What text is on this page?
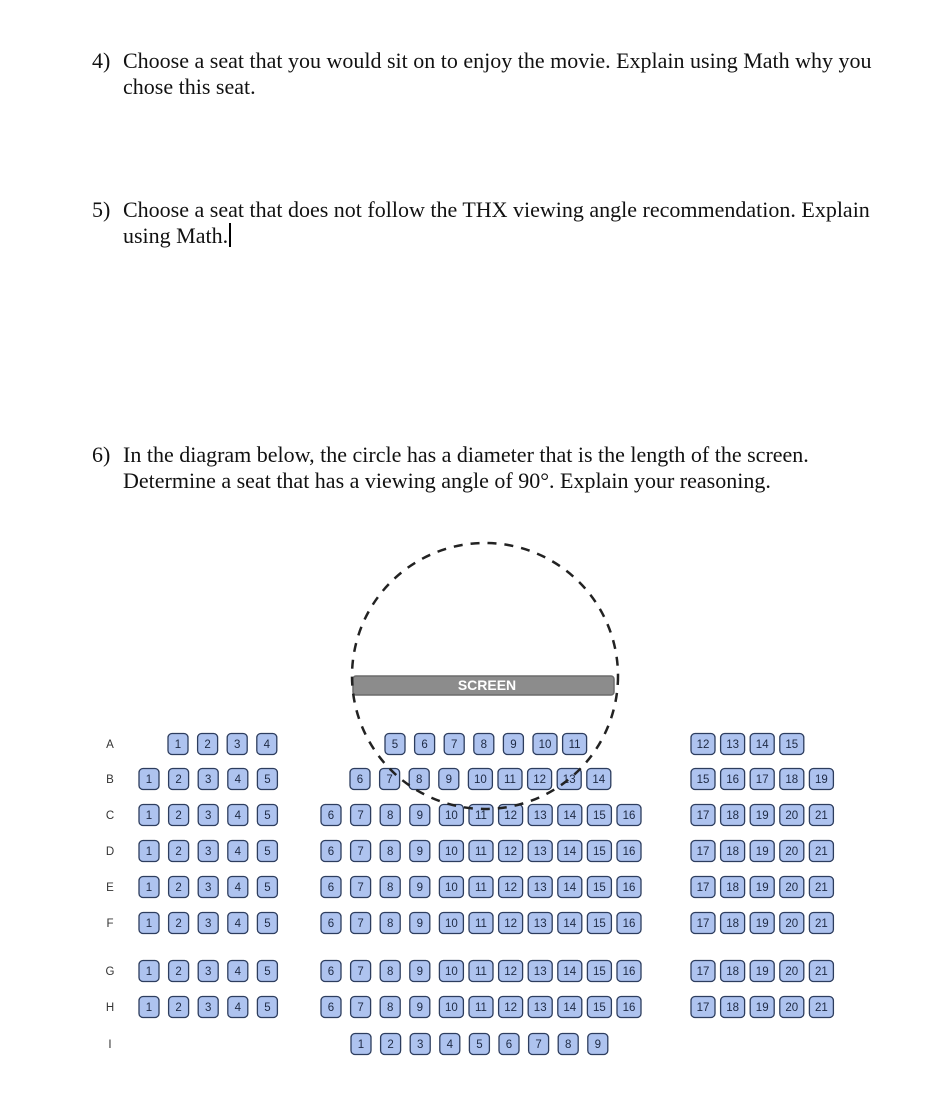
4) Choose a seat that you would sit on to enjoy the movie. Explain using Math why you chose this seat.
5) Choose a seat that does not follow the THX viewing angle recommendation. Explain using Math.
6) In the diagram below, the circle has a diameter that is the length of the screen. Determine a seat that has a viewing angle of 90°. Explain your reasoning.
A	1 2 3 4	5 6 7 8 9 10 11	12 13 14 15
B	1 2 3 4 5	6 7 8 9 10 11 12 13 14	15 16 17 18 19
C	1 2 3 4 5	6 7 8 9 10 11 12 13 14 15 16	17 18 19 20 21
D	1 2 3 4 5	6 7 8 9 10 11 12 13 14 15 16	17 18 19 20 21
E	1 2 3 4 5	6 7 8 9 10 11 12 13 14 15 16	17 18 19 20 21
F	1 2 3 4 5	6 7 8 9 10 11 12 13 14 15 16	17 18 19 20 21
G	1 2 3 4 5	6 7 8 9 10 11 12 13 14 15 16	17 18 19 20 21
H	1 2 3 4 5	6 7 8 9 10 11 12 13 14 15 16	17 18 19 20 21
I	1 2 3 4 5 6 7 8 9
SCREEN
